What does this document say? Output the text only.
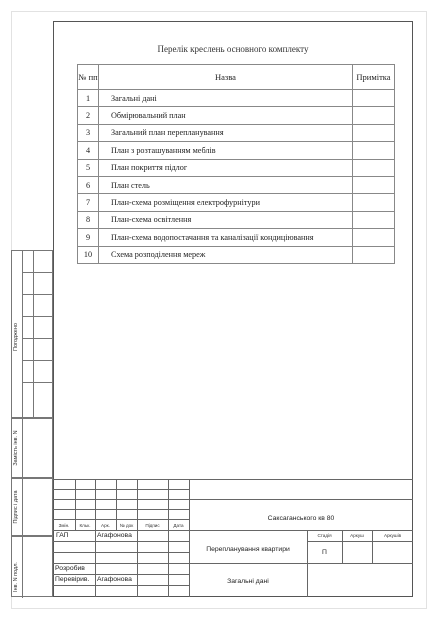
Перелік креслень основного комплекту
№ пп	Назва	Примітка
1	Загальні дані	
2	Обмірювальний план	
3	Загальний план перепланування	
4	План з розташуванням меблів	
5	План покриття підлог	
6	План стель	
7	План-схема розміщення електрофурнітури	
8	План-схема освітлення	
9	План-схема водопостачання та каналізації кондиціювання	
10	Схема розподілення мереж	
Погоджено
Замість інв. N
Підпис і дата
Інв. N подл.
Змін.	Кльк.	Арк.	№ док	Підпис	Дата
Саксаганського кв 80
ГАП	Агафонова
Розробив
Перевірив. Агафонова
Перепланування квартири
Стадія	Аркуш	Аркушів
П
Загальні дані
